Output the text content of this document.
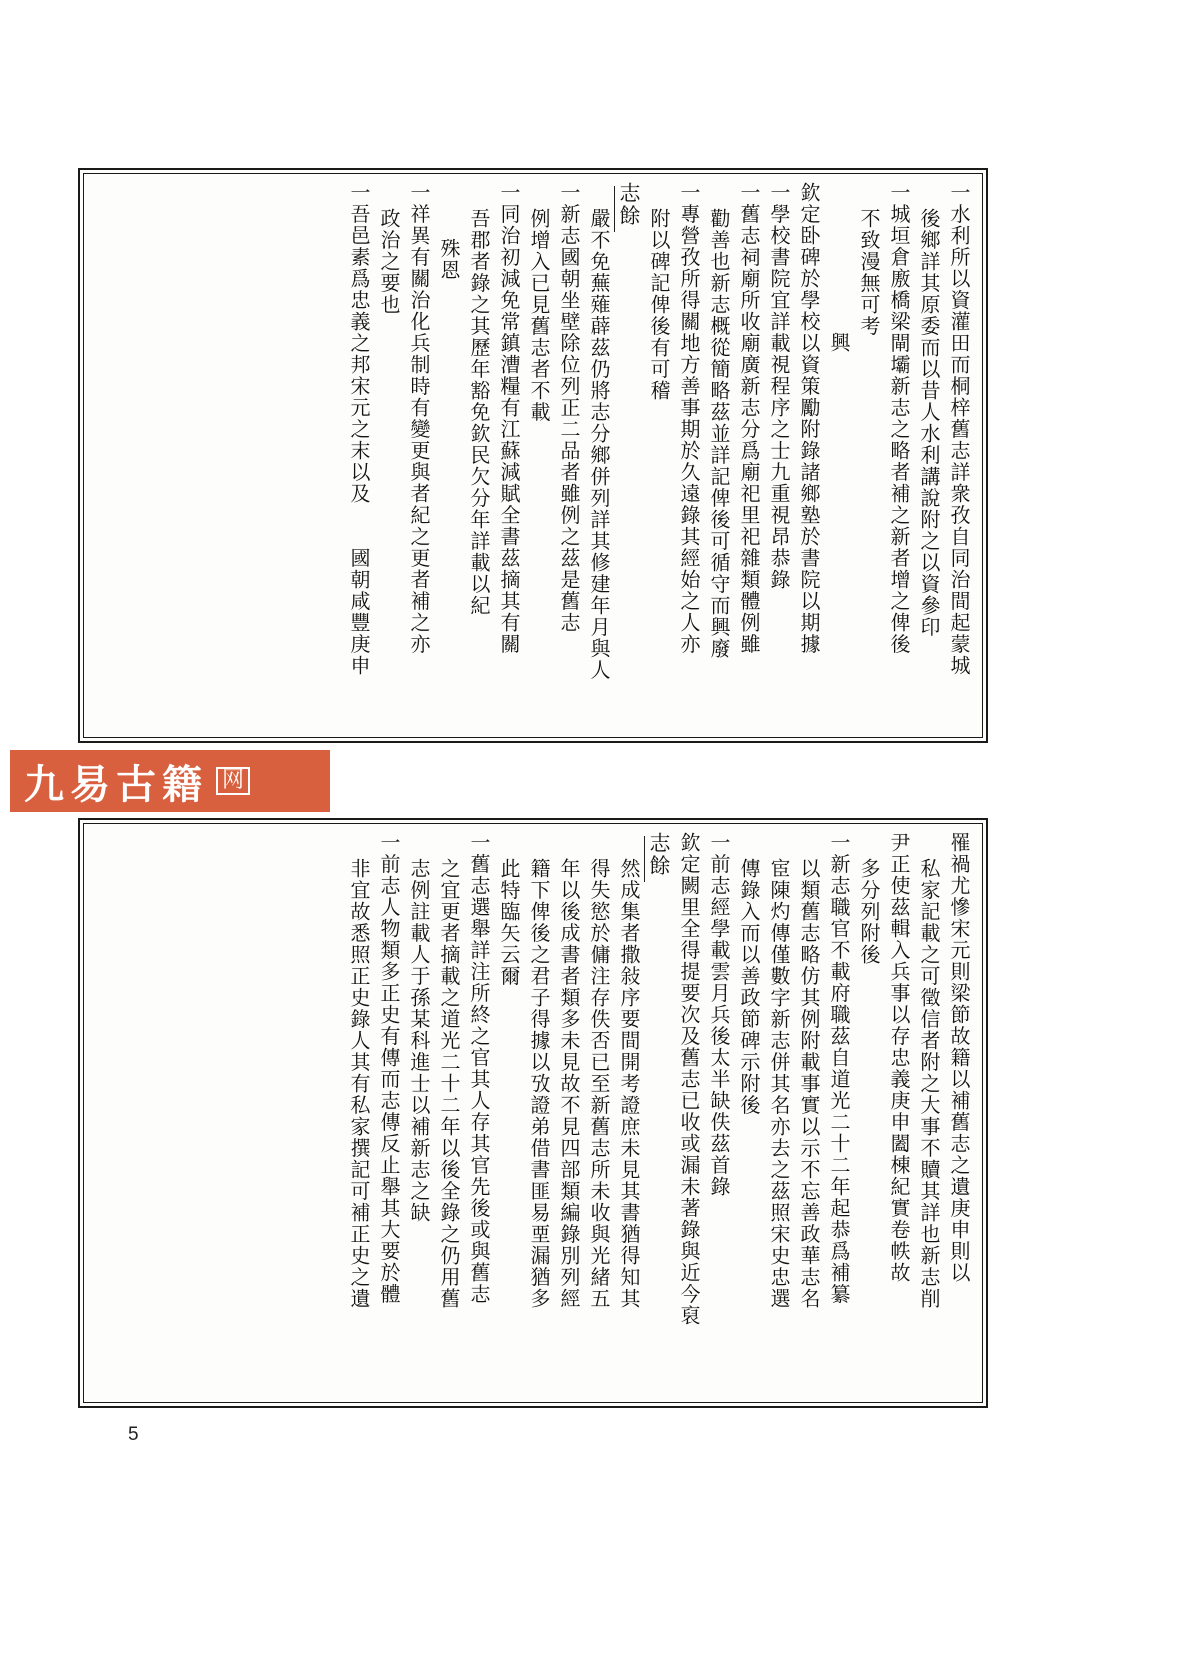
一水利所以資灌田而桐梓舊志詳衆孜自同治間起蒙城
後鄉詳其原委而以昔人水利講說附之以資參印
一城垣倉廒橋梁閘壩新志之略者補之新者增之俾後
不致漫無可考
興
欽定卧碑於學校以資策勵附錄諸鄉塾於書院以期據
一學校書院宜詳載視程序之士九重視昂恭錄
一舊志祠廟所收廟廣新志分爲廟祀里祀雜類體例雖
勸善也新志概從簡略茲並詳記俾後可循守而興廢
一專營孜所得關地方善事期於久遠錄其經始之人亦
附以碑記俾後有可稽
志餘
嚴不免蕪薙薜茲仍將志分鄉併列詳其修建年月與人
一新志國朝坐壁除位列正二品者雖例之茲是舊志
例增入已見舊志者不載
一同治初減免常鎮漕糧有江蘇減賦全書茲摘其有關
吾郡者錄之其歷年豁免欽民欠分年詳載以紀
殊恩
一祥異有關治化兵制時有變更與者紀之更者補之亦
政治之要也
一吾邑素爲忠義之邦宋元之末以及　　國朝咸豐庚申
九易古籍 网
罹禍尤慘宋元則梁節故籍以補舊志之遺庚申則以
私家記載之可徵信者附之大事不贖其詳也新志削
尹正使茲輯入兵事以存忠義庚申闔棟紀實卷帙故
多分列附後
一新志職官不載府職茲自道光二十二年起恭爲補纂
以類舊志略仿其例附載事實以示不忘善政華志名
宦陳灼傳僅數字新志併其名亦去之茲照宋史忠選
傳錄入而以善政節碑示附後
一前志經學載雲月兵後太半缺佚茲首錄
欽定闕里全得提要次及舊志已收或漏未著錄與近今裒
志餘
然成集者撒敍序要間開考證庶未見其書猶得知其
得失慾於傭注存佚否已至新舊志所未收與光緒五
年以後成書者類多未見故不見四部類編錄別列經
籍下俾後之君子得據以攷證弟借書匪易垔漏猶多
此特臨矢云爾
一舊志選舉詳注所終之官其人存其官先後或與舊志
之宜更者摘載之道光二十二年以後全錄之仍用舊
志例註載人于孫某科進士以補新志之缺
一前志人物類多正史有傳而志傳反止舉其大要於體
非宜故悉照正史錄人其有私家撰記可補正史之遺
5
